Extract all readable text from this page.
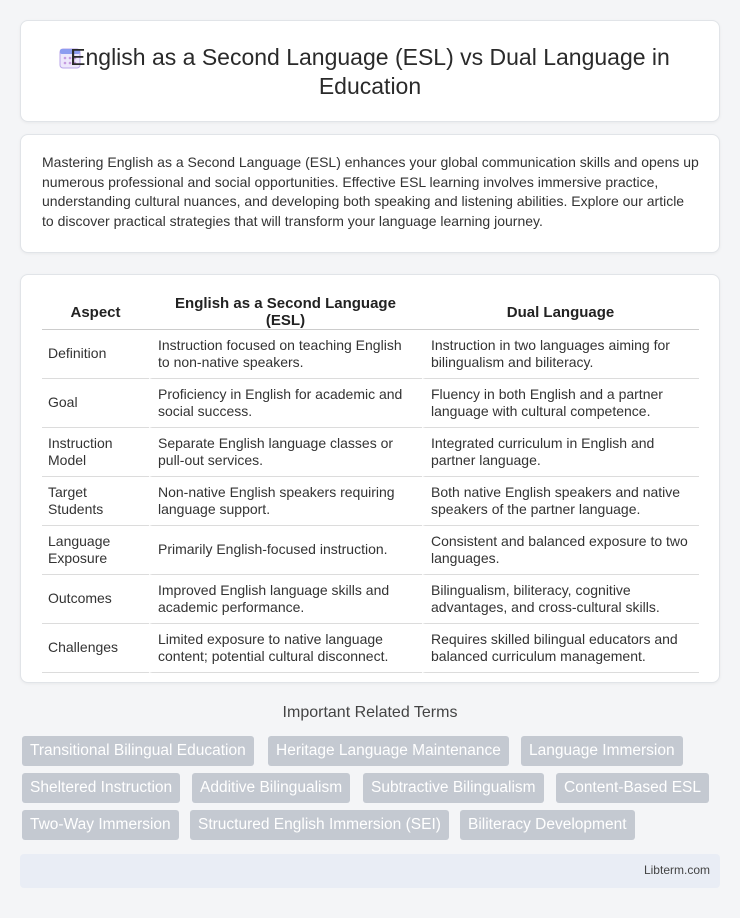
English as a Second Language (ESL) vs Dual Language in Education

Mastering English as a Second Language (ESL) enhances your global communication skills and opens up numerous professional and social opportunities. Effective ESL learning involves immersive practice, understanding cultural nuances, and developing both speaking and listening abilities. Explore our article to discover practical strategies that will transform your language learning journey.

Aspect	English as a Second Language (ESL)	Dual Language
Definition	Instruction focused on teaching English to non-native speakers.	Instruction in two languages aiming for bilingualism and biliteracy.
Goal	Proficiency in English for academic and social success.	Fluency in both English and a partner language with cultural competence.
Instruction Model	Separate English language classes or pull-out services.	Integrated curriculum in English and partner language.
Target Students	Non-native English speakers requiring language support.	Both native English speakers and native speakers of the partner language.
Language Exposure	Primarily English-focused instruction.	Consistent and balanced exposure to two languages.
Outcomes	Improved English language skills and academic performance.	Bilingualism, biliteracy, cognitive advantages, and cross-cultural skills.
Challenges	Limited exposure to native language content; potential cultural disconnect.	Requires skilled bilingual educators and balanced curriculum management.
Important Related Terms
Transitional Bilingual Education	Heritage Language Maintenance	Language Immersion
Sheltered Instruction	Additive Bilingualism	Subtractive Bilingualism	Content-Based ESL
Two-Way Immersion	Structured English Immersion (SEI)	Biliteracy Development
Libterm.com
